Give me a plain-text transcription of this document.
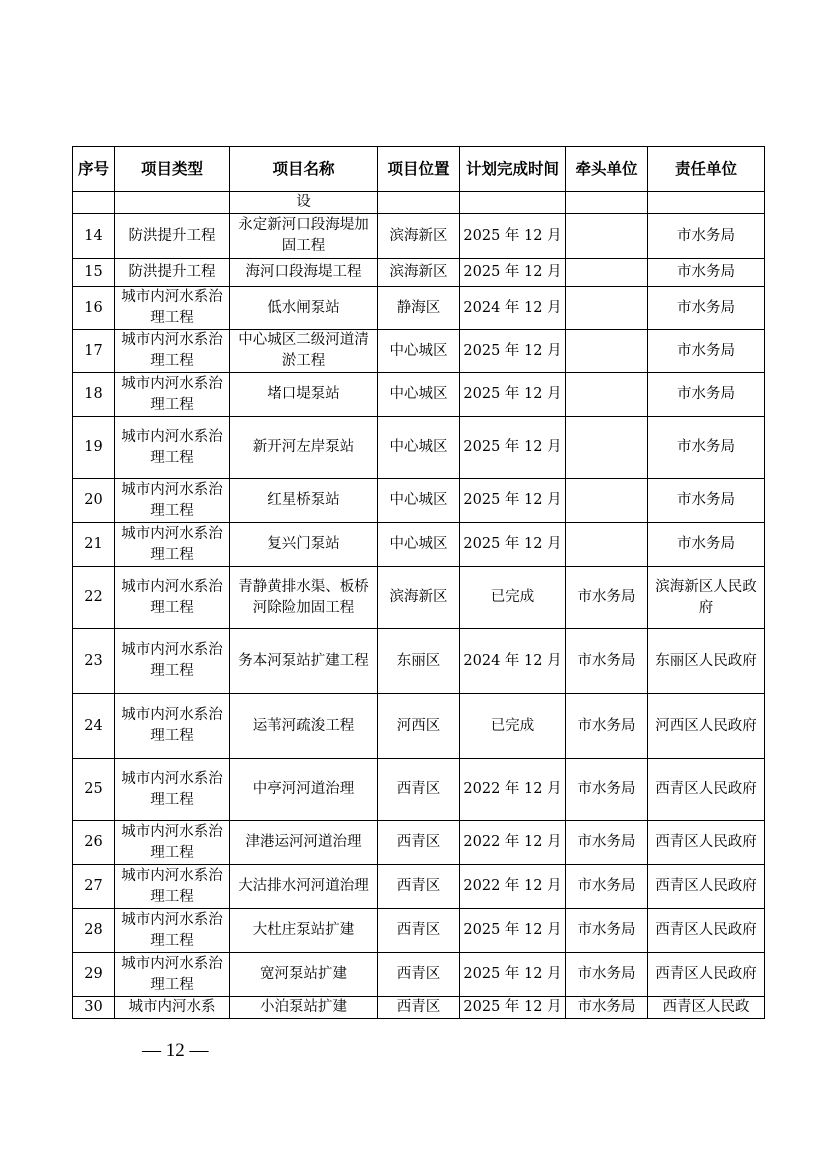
序号	项目类型	项目名称	项目位置	计划完成时间	牵头单位	责任单位
		设				
14	防洪提升工程	永定新河口段海堤加固工程	滨海新区	2025 年 12 月		市水务局
15	防洪提升工程	海河口段海堤工程	滨海新区	2025 年 12 月		市水务局
16	城市内河水系治理工程	低水闸泵站	静海区	2024 年 12 月		市水务局
17	城市内河水系治理工程	中心城区二级河道清淤工程	中心城区	2025 年 12 月		市水务局
18	城市内河水系治理工程	堵口堤泵站	中心城区	2025 年 12 月		市水务局
19	城市内河水系治理工程	新开河左岸泵站	中心城区	2025 年 12 月		市水务局
20	城市内河水系治理工程	红星桥泵站	中心城区	2025 年 12 月		市水务局
21	城市内河水系治理工程	复兴门泵站	中心城区	2025 年 12 月		市水务局
22	城市内河水系治理工程	青静黄排水渠、板桥河除险加固工程	滨海新区	已完成	市水务局	滨海新区人民政府
23	城市内河水系治理工程	务本河泵站扩建工程	东丽区	2024 年 12 月	市水务局	东丽区人民政府
24	城市内河水系治理工程	运苇河疏浚工程	河西区	已完成	市水务局	河西区人民政府
25	城市内河水系治理工程	中亭河河道治理	西青区	2022 年 12 月	市水务局	西青区人民政府
26	城市内河水系治理工程	津港运河河道治理	西青区	2022 年 12 月	市水务局	西青区人民政府
27	城市内河水系治理工程	大沽排水河河道治理	西青区	2022 年 12 月	市水务局	西青区人民政府
28	城市内河水系治理工程	大杜庄泵站扩建	西青区	2025 年 12 月	市水务局	西青区人民政府
29	城市内河水系治理工程	宽河泵站扩建	西青区	2025 年 12 月	市水务局	西青区人民政府
30	城市内河水系	小泊泵站扩建	西青区	2025 年 12 月	市水务局	西青区人民政
— 12 —
